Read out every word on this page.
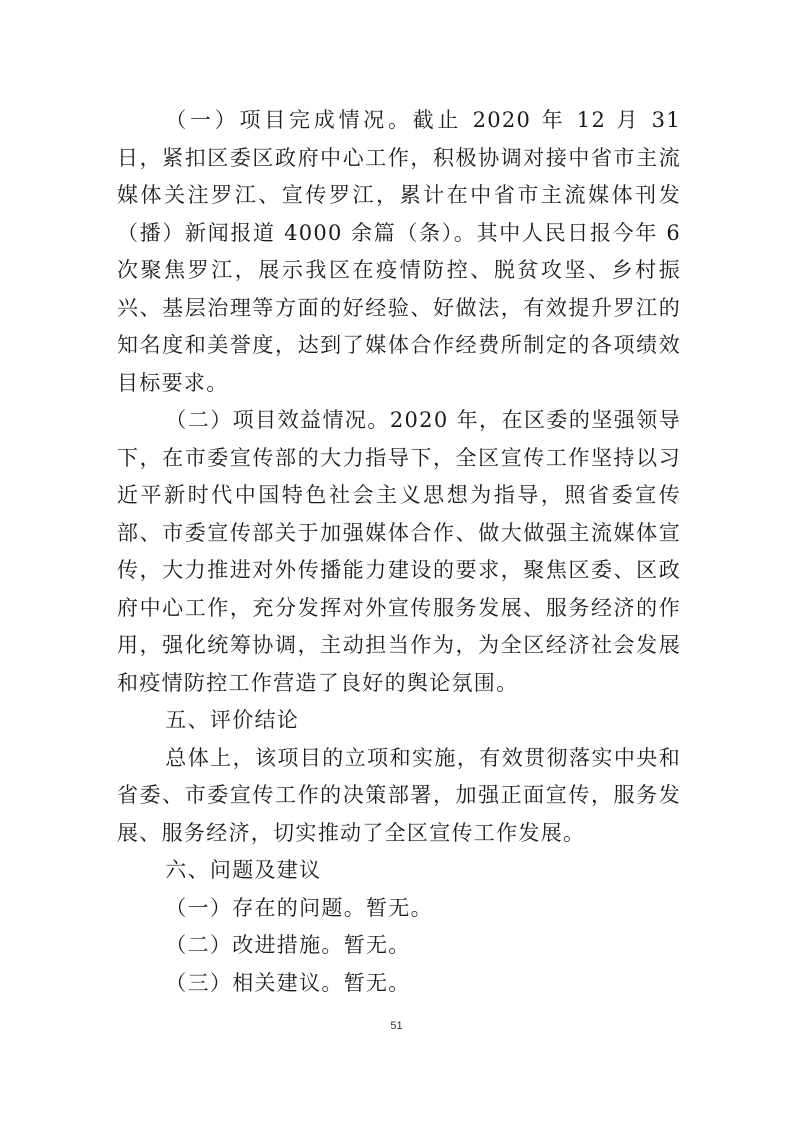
（一）项目完成情况。截止 2020 年 12 月 31 日，紧扣区委区政府中心工作，积极协调对接中省市主流媒体关注罗江、宣传罗江，累计在中省市主流媒体刊发（播）新闻报道 4000 余篇（条）。其中人民日报今年 6 次聚焦罗江，展示我区在疫情防控、脱贫攻坚、乡村振兴、基层治理等方面的好经验、好做法，有效提升罗江的知名度和美誉度，达到了媒体合作经费所制定的各项绩效目标要求。

（二）项目效益情况。2020 年，在区委的坚强领导下，在市委宣传部的大力指导下，全区宣传工作坚持以习近平新时代中国特色社会主义思想为指导，照省委宣传部、市委宣传部关于加强媒体合作、做大做强主流媒体宣传，大力推进对外传播能力建设的要求，聚焦区委、区政府中心工作，充分发挥对外宣传服务发展、服务经济的作用，强化统筹协调，主动担当作为，为全区经济社会发展和疫情防控工作营造了良好的舆论氛围。

五、评价结论

总体上，该项目的立项和实施，有效贯彻落实中央和省委、市委宣传工作的决策部署，加强正面宣传，服务发展、服务经济，切实推动了全区宣传工作发展。

六、问题及建议

（一）存在的问题。暂无。

（二）改进措施。暂无。

（三）相关建议。暂无。

51
